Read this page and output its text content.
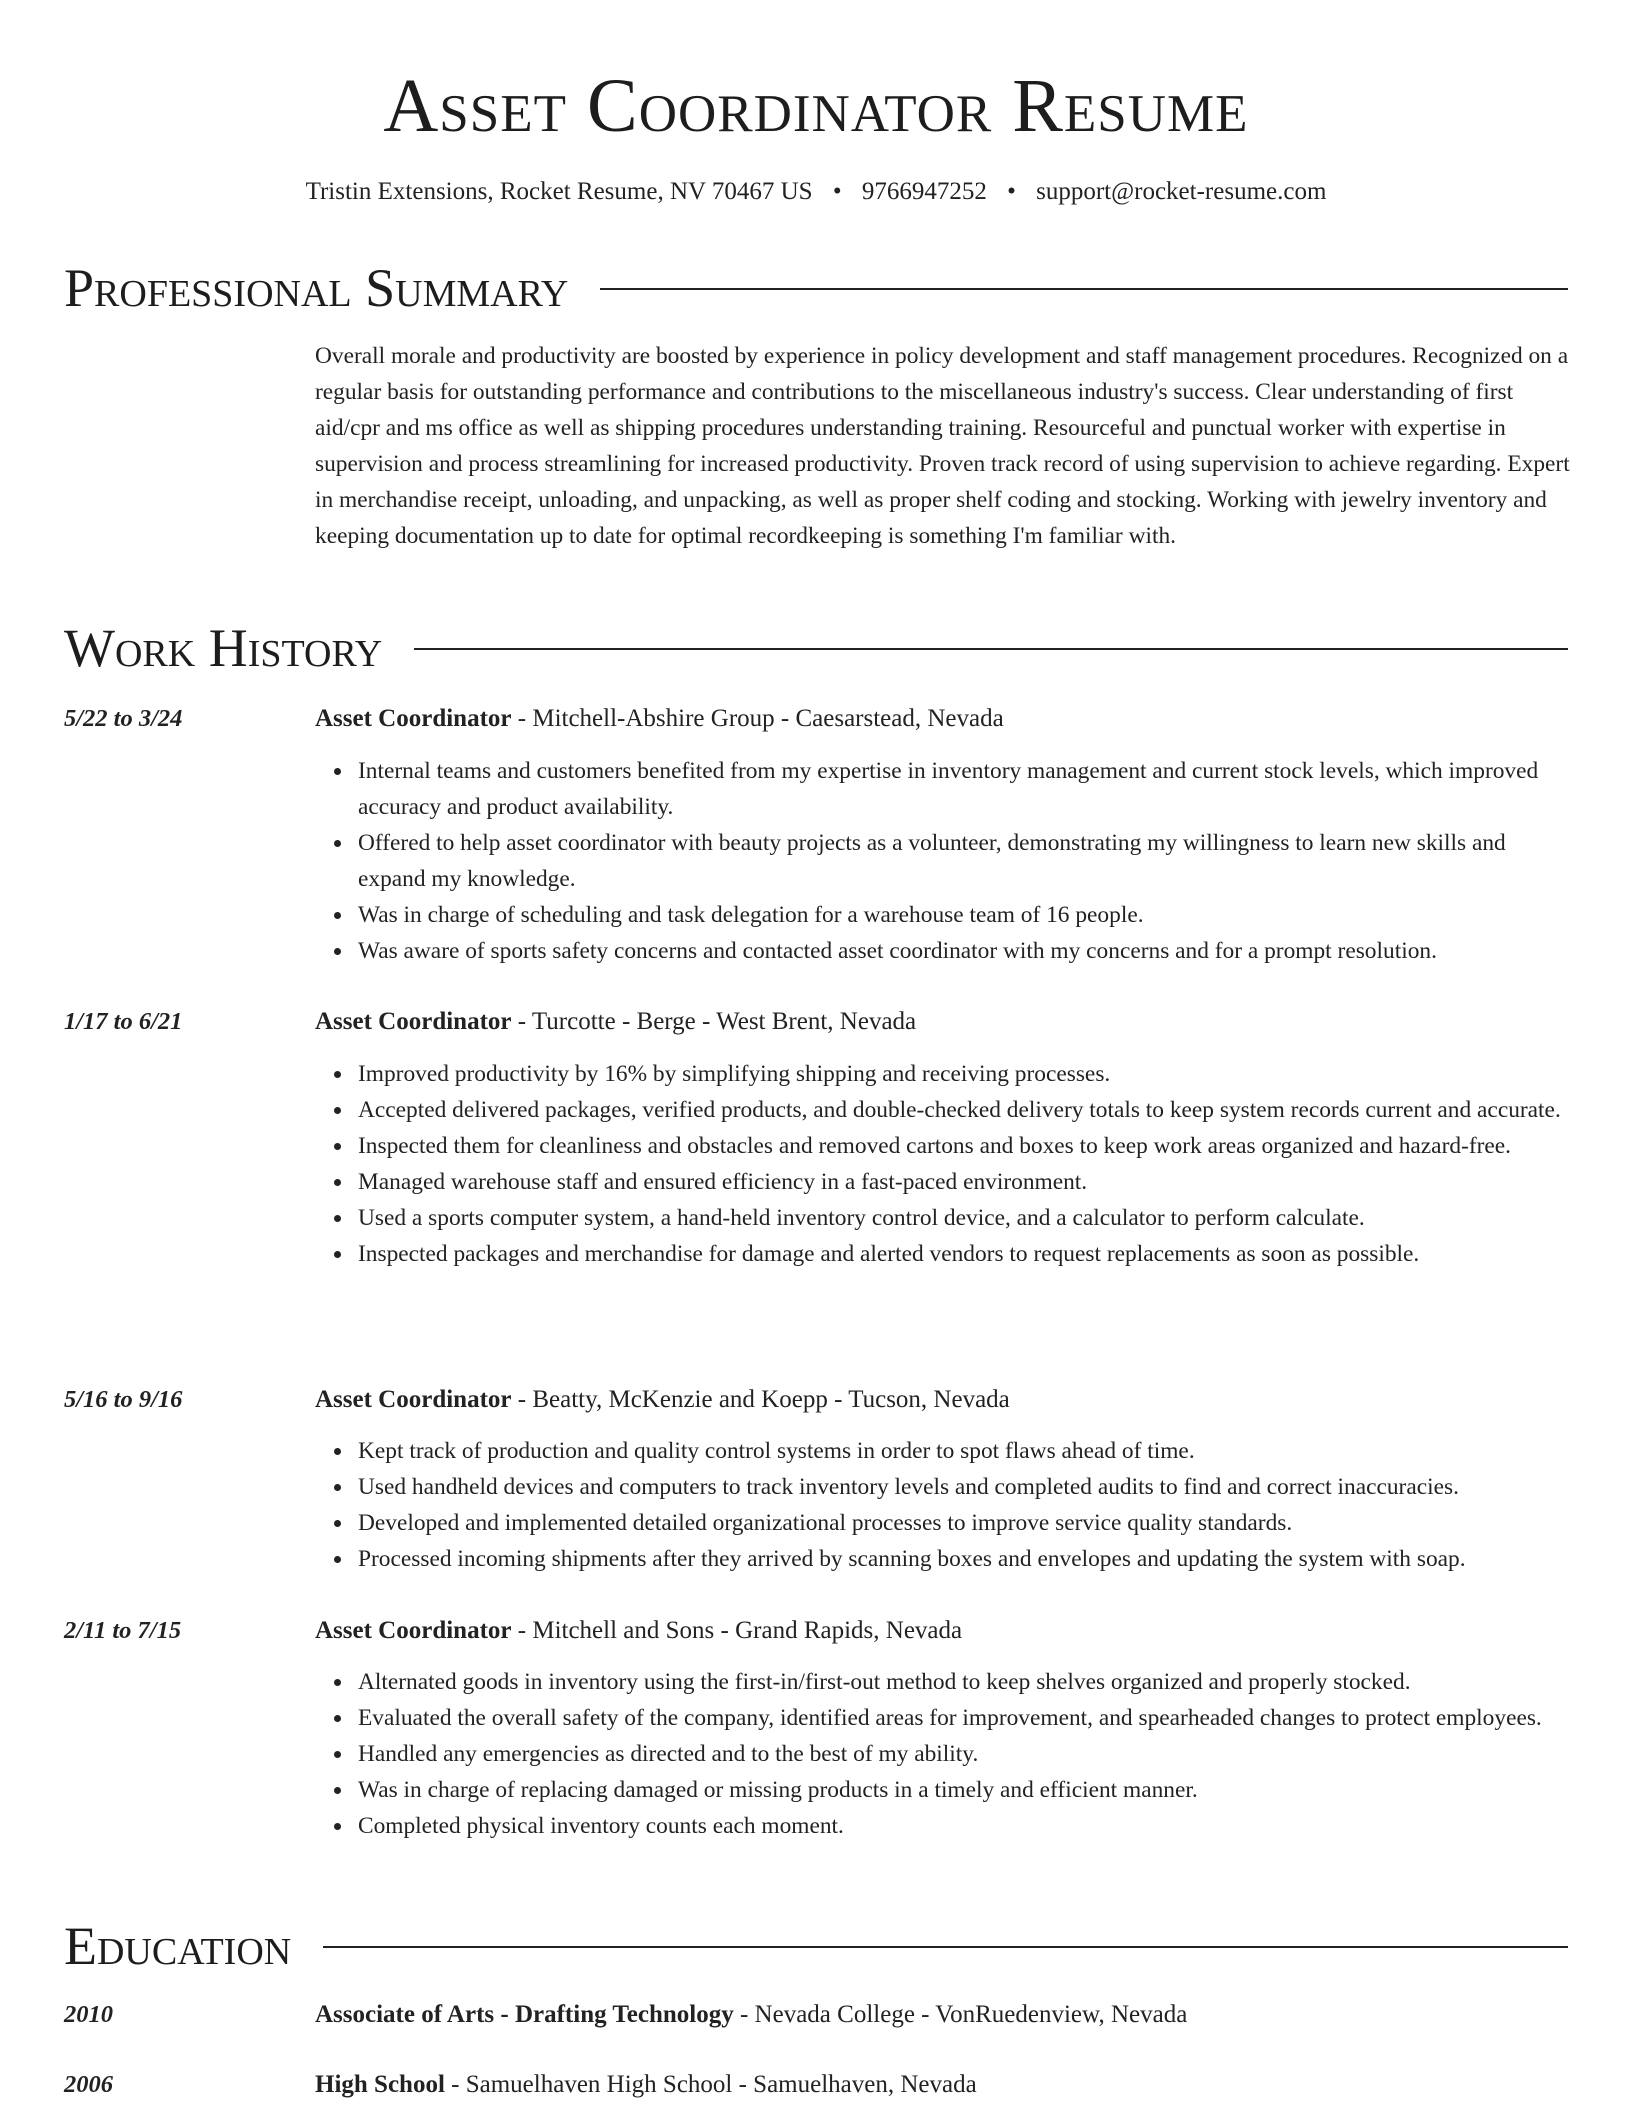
Asset Coordinator Resume
Tristin Extensions, Rocket Resume, NV 70467 US • 9766947252 • support@rocket-resume.com
Professional Summary

Overall morale and productivity are boosted by experience in policy development and staff management procedures. Recognized on a regular basis for outstanding performance and contributions to the miscellaneous industry's success. Clear understanding of first aid/cpr and ms office as well as shipping procedures understanding training. Resourceful and punctual worker with expertise in supervision and process streamlining for increased productivity. Proven track record of using supervision to achieve regarding. Expert in merchandise receipt, unloading, and unpacking, as well as proper shelf coding and stocking. Working with jewelry inventory and keeping documentation up to date for optimal recordkeeping is something I'm familiar with.

Work History
5/22 to 3/24	Asset Coordinator - Mitchell-Abshire Group - Caesarstead, Nevada
Internal teams and customers benefited from my expertise in inventory management and current stock levels, which improved accuracy and product availability.
Offered to help asset coordinator with beauty projects as a volunteer, demonstrating my willingness to learn new skills and expand my knowledge.
Was in charge of scheduling and task delegation for a warehouse team of 16 people.
Was aware of sports safety concerns and contacted asset coordinator with my concerns and for a prompt resolution.
1/17 to 6/21	Asset Coordinator - Turcotte - Berge - West Brent, Nevada
Improved productivity by 16% by simplifying shipping and receiving processes.
Accepted delivered packages, verified products, and double-checked delivery totals to keep system records current and accurate.
Inspected them for cleanliness and obstacles and removed cartons and boxes to keep work areas organized and hazard-free.
Managed warehouse staff and ensured efficiency in a fast-paced environment.
Used a sports computer system, a hand-held inventory control device, and a calculator to perform calculate.
Inspected packages and merchandise for damage and alerted vendors to request replacements as soon as possible.
5/16 to 9/16	Asset Coordinator - Beatty, McKenzie and Koepp - Tucson, Nevada
Kept track of production and quality control systems in order to spot flaws ahead of time.
Used handheld devices and computers to track inventory levels and completed audits to find and correct inaccuracies.
Developed and implemented detailed organizational processes to improve service quality standards.
Processed incoming shipments after they arrived by scanning boxes and envelopes and updating the system with soap.
2/11 to 7/15	Asset Coordinator - Mitchell and Sons - Grand Rapids, Nevada
Alternated goods in inventory using the first-in/first-out method to keep shelves organized and properly stocked.
Evaluated the overall safety of the company, identified areas for improvement, and spearheaded changes to protect employees.
Handled any emergencies as directed and to the best of my ability.
Was in charge of replacing damaged or missing products in a timely and efficient manner.
Completed physical inventory counts each moment.
Education
2010	Associate of Arts - Drafting Technology - Nevada College - VonRuedenview, Nevada
2006	High School - Samuelhaven High School - Samuelhaven, Nevada
